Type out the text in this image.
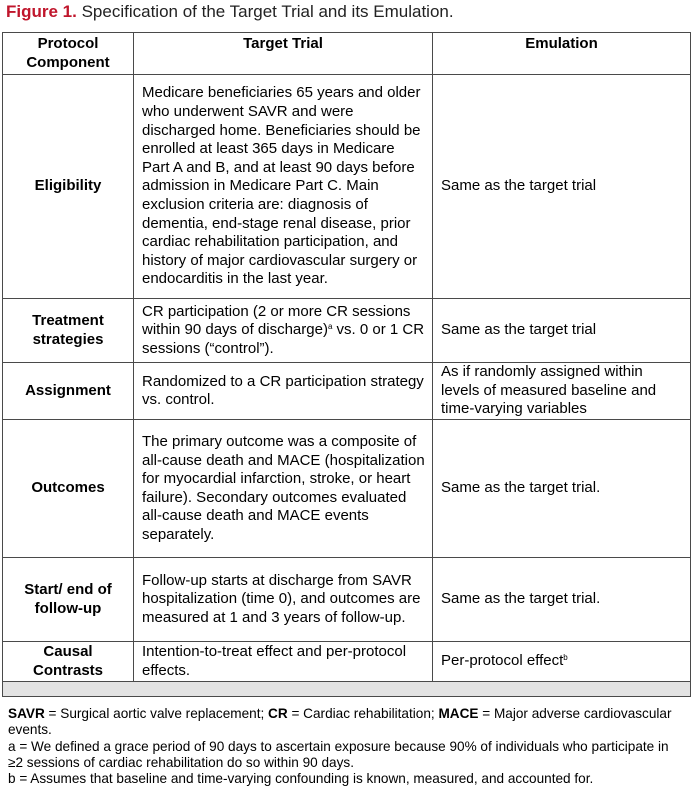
Figure 1. Specification of the Target Trial and its Emulation.
Protocol Component	Target Trial	Emulation
Eligibility	Medicare beneficiaries 65 years and older who underwent SAVR and were discharged home. Beneficiaries should be enrolled at least 365 days in Medicare Part A and B, and at least 90 days before admission in Medicare Part C. Main exclusion criteria are: diagnosis of dementia, end-stage renal disease, prior cardiac rehabilitation participation, and history of major cardiovascular surgery or endocarditis in the last year.	Same as the target trial
Treatment strategies	CR participation (2 or more CR sessions within 90 days of discharge)$^a$ vs. 0 or 1 CR sessions (“control”).	Same as the target trial
Assignment	Randomized to a CR participation strategy vs. control.	As if randomly assigned within levels of measured baseline and time-varying variables
Outcomes	The primary outcome was a composite of all-cause death and MACE (hospitalization for myocardial infarction, stroke, or heart failure). Secondary outcomes evaluated all-cause death and MACE events separately.	Same as the target trial.
Start/ end of follow-up	Follow-up starts at discharge from SAVR hospitalization (time 0), and outcomes are measured at 1 and 3 years of follow-up.	Same as the target trial.
Causal Contrasts	Intention-to-treat effect and per-protocol effects.	Per-protocol effect$^b$

SAVR = Surgical aortic valve replacement; CR = Cardiac rehabilitation; MACE = Major adverse cardiovascular events.

a = We defined a grace period of 90 days to ascertain exposure because 90% of individuals who participate in ≥2 sessions of cardiac rehabilitation do so within 90 days.

b = Assumes that baseline and time-varying confounding is known, measured, and accounted for.
